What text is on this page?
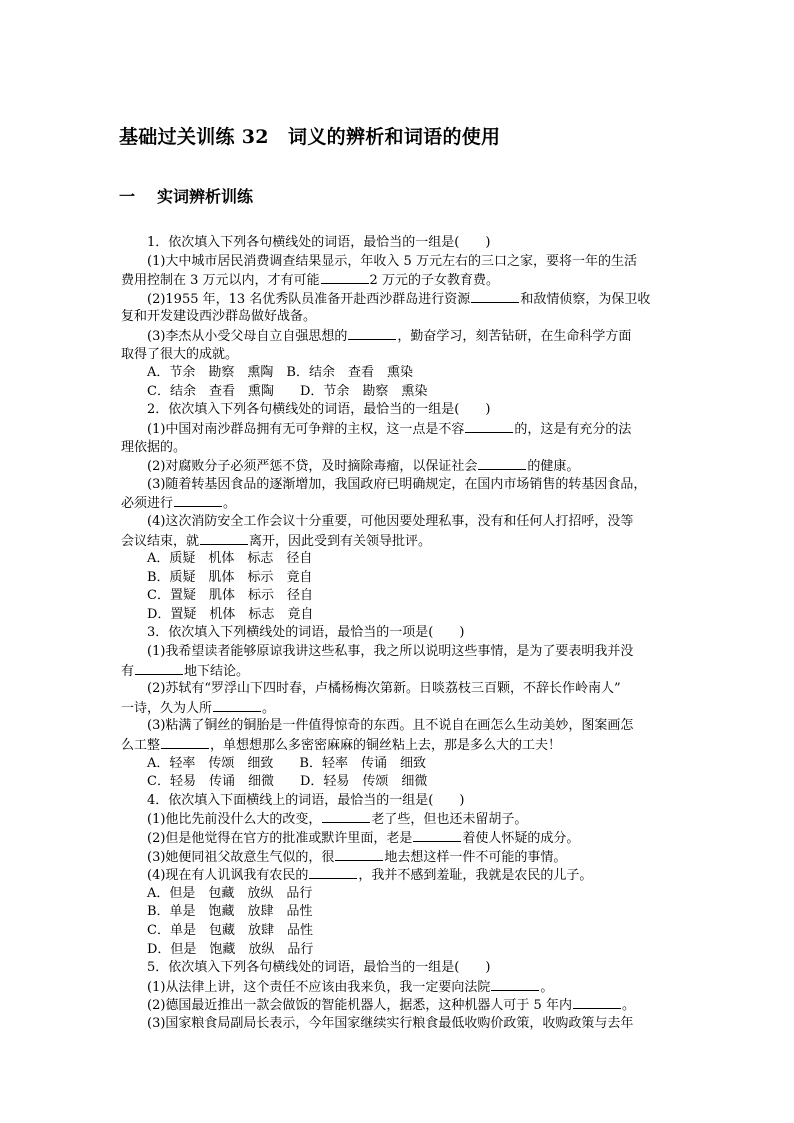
基础过关训练 32　词义的辨析和词语的使用
一 实词辨析训练
1．依次填入下列各句横线处的词语，最恰当的一组是(　　)
(1)大中城市居民消费调查结果显示，年收入 5 万元左右的三口之家，要将一年的生活
费用控制在 3 万元以内，才有可能	2 万元的子女教育费。
(2)1955 年，13 名优秀队员准备开赴西沙群岛进行资源	和敌情侦察，为保卫收
复和开发建设西沙群岛做好战备。
(3)李杰从小受父母自立自强思想的	，勤奋学习，刻苦钻研，在生命科学方面
取得了很大的成就。
A．节余　勘察　熏陶　B．结余　查看　熏染
C．结余　查看　熏陶　　D．节余　勘察　熏染
2．依次填入下列各句横线处的词语，最恰当的一组是(　　)
(1)中国对南沙群岛拥有无可争辩的主权，这一点是不容	的，这是有充分的法
理依据的。
(2)对腐败分子必须严惩不贷，及时摘除毒瘤，以保证社会	的健康。
(3)随着转基因食品的逐渐增加，我国政府已明确规定，在国内市场销售的转基因食品，
必须进行	。
(4)这次消防安全工作会议十分重要，可他因要处理私事，没有和任何人打招呼，没等
会议结束，就	离开，因此受到有关领导批评。
A．质疑　机体　标志　径自
B．质疑　肌体　标示　竟自
C．置疑　肌体　标示　径自
D．置疑　机体　标志　竟自
3．依次填入下列横线处的词语，最恰当的一项是(　　)
(1)我希望读者能够原谅我讲这些私事，我之所以说明这些事情，是为了要表明我并没
有	地下结论。
(2)苏轼有“罗浮山下四时春，卢橘杨梅次第新。日啖荔枝三百颗，不辞长作岭南人”
一诗，久为人所	。
(3)粘满了铜丝的铜胎是一件值得惊奇的东西。且不说自在画怎么生动美妙，图案画怎
么工整	，单想想那么多密密麻麻的铜丝粘上去，那是多么大的工夫！
A．轻率　传颂　细致　　B．轻率　传诵　细致
C．轻易　传诵　细微　　D．轻易　传颂　细微
4．依次填入下面横线上的词语，最恰当的一组是(　　)
(1)他比先前没什么大的改变，	老了些，但也还未留胡子。
(2)但是他觉得在官方的批准或默许里面，老是	着使人怀疑的成分。
(3)她便同祖父故意生气似的，很	地去想这样一件不可能的事情。
(4)现在有人讥讽我有农民的	，我并不感到羞耻，我就是农民的儿子。
A．但是　包藏　放纵　品行
B．单是　饱藏　放肆　品性
C．单是　包藏　放肆　品性
D．但是　饱藏　放纵　品行
5．依次填入下列各句横线处的词语，最恰当的一组是(　　)
(1)从法律上讲，这个责任不应该由我来负，我一定要向法院	。
(2)德国最近推出一款会做饭的智能机器人，据悉，这种机器人可于 5 年内	。
(3)国家粮食局副局长表示，今年国家继续实行粮食最低收购价政策，收购政策与去年
